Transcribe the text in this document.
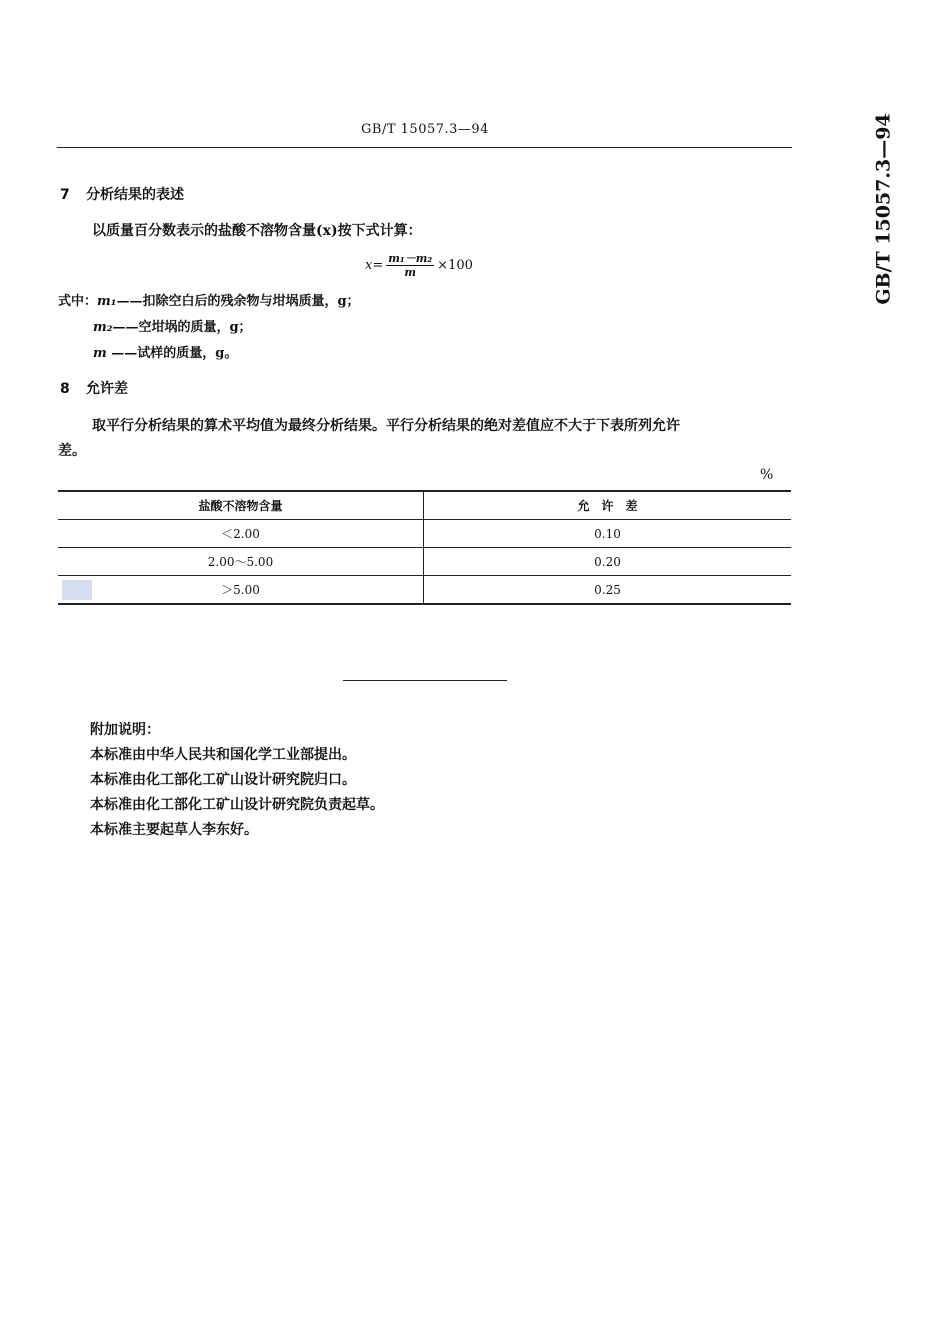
GB/T 15057.3—94	GB/T 15057.3—94
7 分析结果的表述
以质量百分数表示的盐酸不溶物含量(x)按下式计算：
$x = \frac{\text{m₁－m₂}}{m} \times 100$
式中：m₁——扣除空白后的残余物与坩埚质量，g；
m₂——空坩埚的质量，g；
m ——试样的质量，g。
8 允许差
取平行分析结果的算术平均值为最终分析结果。平行分析结果的绝对差值应不大于下表所列允许
差。
%
盐酸不溶物含量	允　许　差
＜2.00	0.10
2.00～5.00	0.20
＞5.00	0.25
附加说明：
本标准由中华人民共和国化学工业部提出。
本标准由化工部化工矿山设计研究院归口。
本标准由化工部化工矿山设计研究院负责起草。
本标准主要起草人李东好。
